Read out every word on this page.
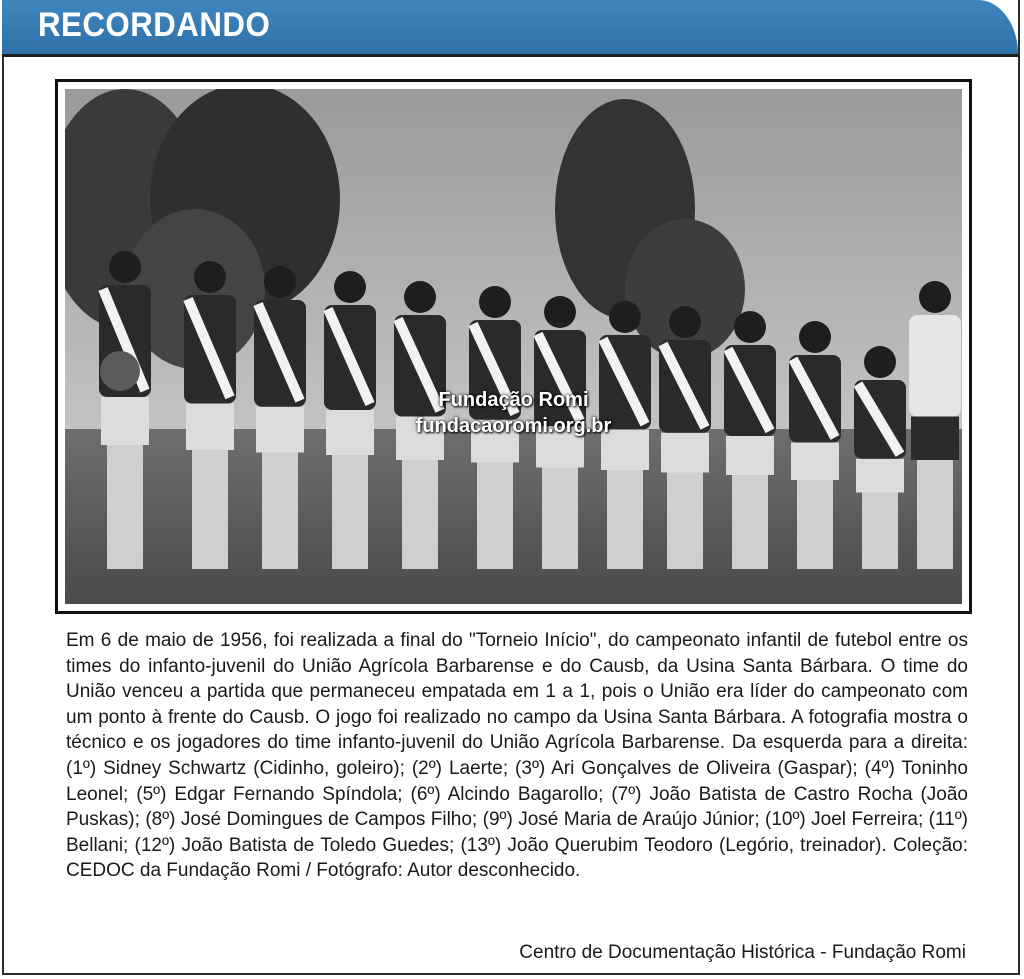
RECORDANDO
Fundação Romi
fundacaoromi.org.br
Em 6 de maio de 1956, foi realizada a final do "Torneio Início", do campeonato infantil de futebol entre os times do infanto-juvenil do União Agrícola Barbarense e do Causb, da Usina Santa Bárbara. O time do União venceu a partida que permaneceu empatada em 1 a 1, pois o União era líder do campeonato com um ponto à frente do Causb. O jogo foi realizado no campo da Usina Santa Bárbara. A fotografia mostra o técnico e os jogadores do time infanto-juvenil do União Agrícola Barbarense. Da esquerda para a direita: (1º) Sidney Schwartz (Cidinho, goleiro); (2º) Laerte; (3º) Ari Gonçalves de Oliveira (Gaspar); (4º) Toninho Leonel; (5º) Edgar Fernando Spíndola; (6º) Alcindo Bagarollo; (7º) João Batista de Castro Rocha (João Puskas); (8º) José Domingues de Campos Filho; (9º) José Maria de Araújo Júnior; (10º) Joel Ferreira; (11º) Bellani; (12º) João Batista de Toledo Guedes; (13º) João Querubim Teodoro (Legório, treinador). Coleção: CEDOC da Fundação Romi / Fotógrafo: Autor desconhecido.
Centro de Documentação Histórica - Fundação Romi
